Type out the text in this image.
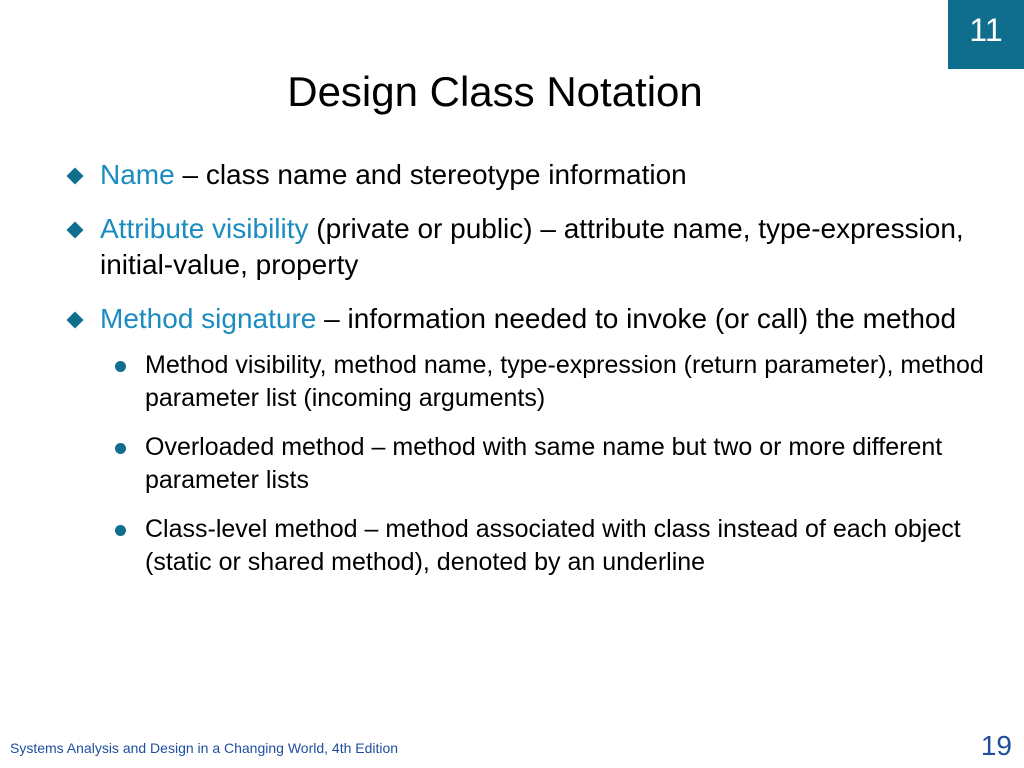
11
Design Class Notation
Name – class name and stereotype information
Attribute visibility (private or public) – attribute name, type-expression, initial-value, property
Method signature – information needed to invoke (or call) the method
Method visibility, method name, type-expression (return parameter), method parameter list (incoming arguments)
Overloaded method – method with same name but two or more different parameter lists
Class-level method – method associated with class instead of each object (static or shared method), denoted by an underline
Systems Analysis and Design in a Changing World, 4th Edition	19
